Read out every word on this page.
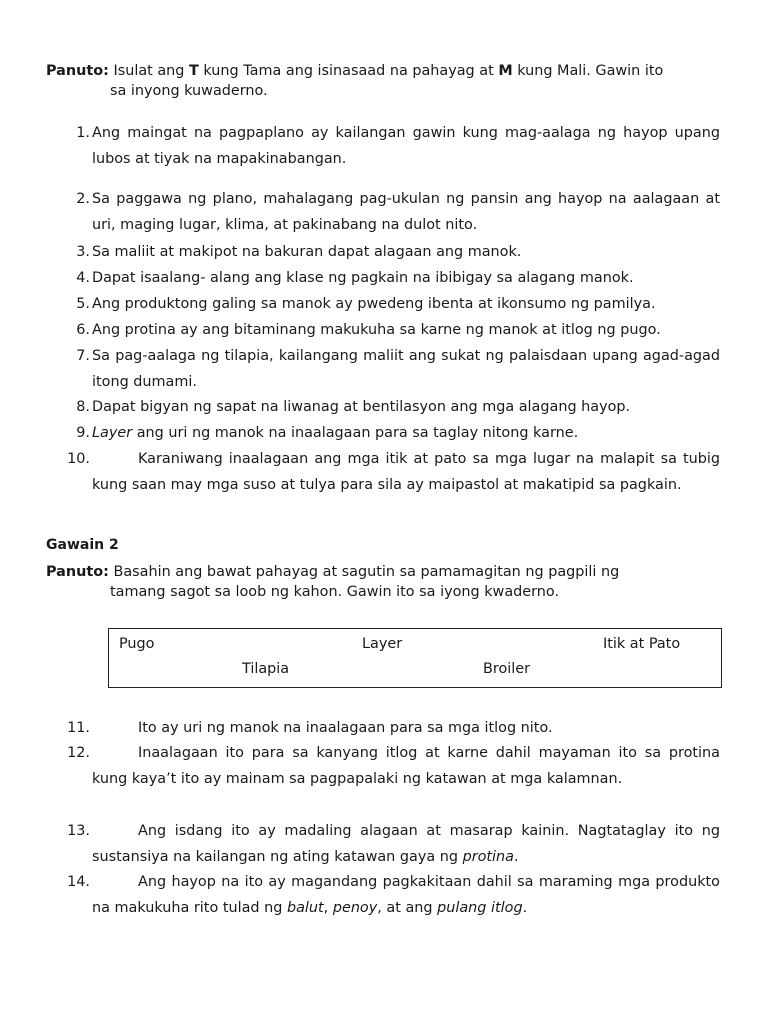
Panuto: Isulat ang T kung Tama ang isinasaad na pahayag at M kung Mali. Gawin ito
sa inyong kuwaderno.
1. Ang maingat na pagpaplano ay kailangan gawin kung mag-aalaga ng hayop upang lubos at tiyak na mapakinabangan.
2. Sa paggawa ng plano, mahalagang pag-ukulan ng pansin ang hayop na aalagaan at uri, maging lugar, klima, at pakinabang na dulot nito.
3. Sa maliit at makipot na bakuran dapat alagaan ang manok.
4. Dapat isaalang- alang ang klase ng pagkain na ibibigay sa alagang manok.
5. Ang produktong galing sa manok ay pwedeng ibenta at ikonsumo ng pamilya.
6. Ang protina ay ang bitaminang makukuha sa karne ng manok at itlog ng pugo.
7. Sa pag-aalaga ng tilapia, kailangang maliit ang sukat ng palaisdaan upang agad-agad itong dumami.
8. Dapat bigyan ng sapat na liwanag at bentilasyon ang mga alagang hayop.
9. Layer ang uri ng manok na inaalagaan para sa taglay nitong karne.
10.	Karaniwang inaalagaan ang mga itik at pato sa mga lugar na malapit sa tubig kung saan may mga suso at tulya para sila ay maipastol at makatipid sa pagkain.
Gawain 2
Panuto: Basahin ang bawat pahayag at sagutin sa pamamagitan ng pagpili ng
tamang sagot sa loob ng kahon. Gawin ito sa iyong kwaderno.
Pugo	Layer	Itik at Pato
Tilapia	Broiler
11.	Ito ay uri ng manok na inaalagaan para sa mga itlog nito.
12.	Inaalagaan ito para sa kanyang itlog at karne dahil mayaman ito sa protina kung kaya’t ito ay mainam sa pagpapalaki ng katawan at mga kalamnan.
13.	Ang isdang ito ay madaling alagaan at masarap kainin. Nagtataglay ito ng sustansiya na kailangan ng ating katawan gaya ng protina.
14.	Ang hayop na ito ay magandang pagkakitaan dahil sa maraming mga produkto na makukuha rito tulad ng balut, penoy, at ang pulang itlog.
